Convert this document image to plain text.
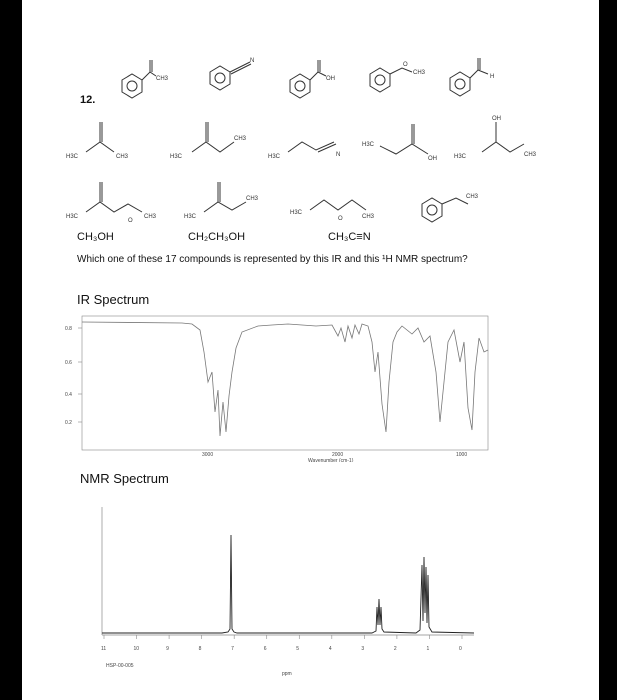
CH3
N
OH
O
CH3
H
12.
H3C	CH3	H3C
CH3
H3C	N
H3C
OH
OH
H3C	CH3
H3C
O
CH3	H3C
CH3
H3C
O	CH3
CH3
CH₃OH	CH₂CH₃OH	CH₃C≡N
Which one of these 17 compounds is represented by this IR and this ¹H NMR spectrum?
IR Spectrum
0.8
0.6
0.4
0.2
3000	2000	1000
Wavenumber (cm-1)
NMR Spectrum
11	10	9	8	7	6	5	4	3	2	1	0
ppm
HSP-00-005
